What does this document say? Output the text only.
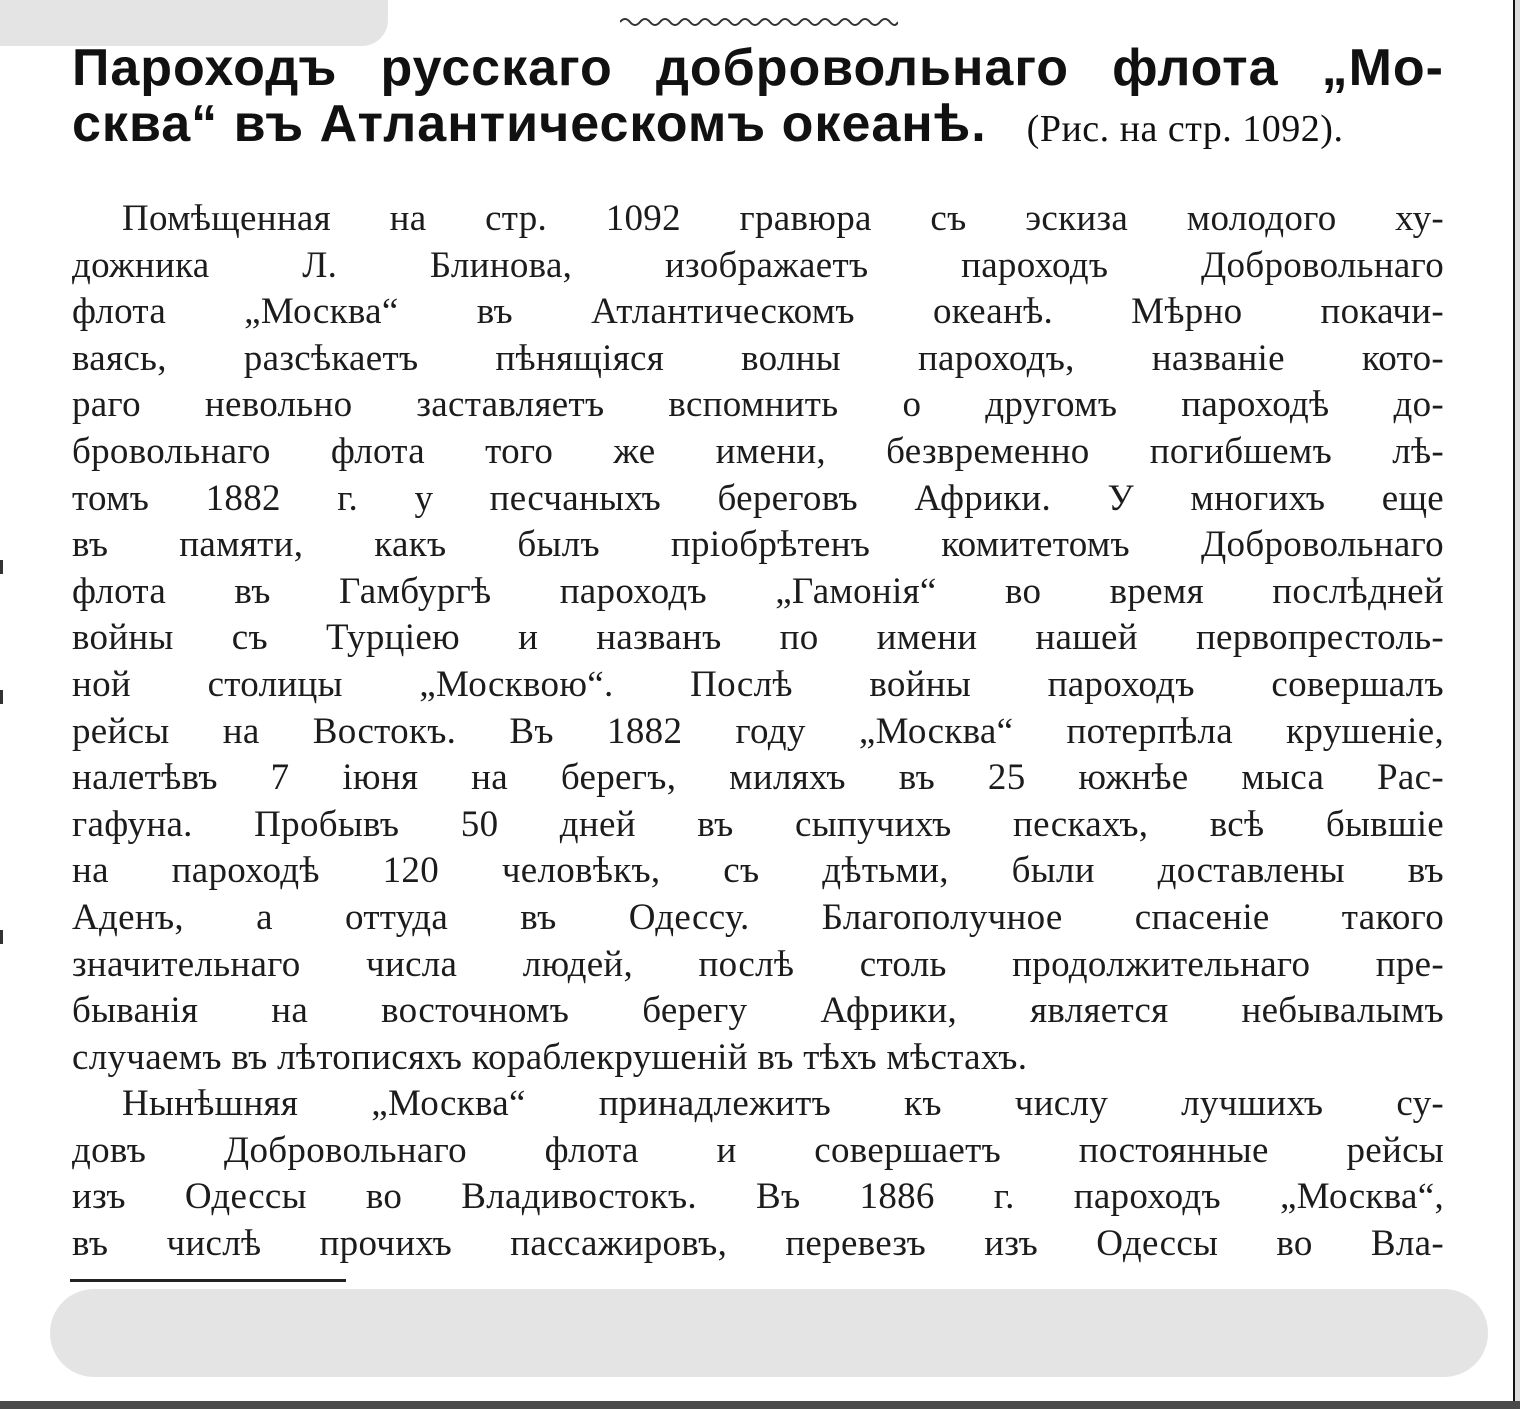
Пароходъ русскаго добровольнаго флота „Мо-
сква“ въ Атлантическомъ океанѣ. (Рис. на стр. 1092).
Помѣщенная на стр. 1092 гравюра съ эскиза молодого ху-
дожника Л. Блинова, изображаетъ пароходъ Добровольнаго
флота „Москва“ въ Атлантическомъ океанѣ. Мѣрно покачи-
ваясь, разсѣкаетъ пѣнящіяся волны пароходъ, названіе кото-
раго невольно заставляетъ вспомнить о другомъ пароходѣ до-
бровольнаго флота того же имени, безвременно погибшемъ лѣ-
томъ 1882 г. у песчаныхъ береговъ Африки. У многихъ еще
въ памяти, какъ былъ пріобрѣтенъ комитетомъ Добровольнаго
флота въ Гамбургѣ пароходъ „Гамонія“ во время послѣдней
войны съ Турціею и названъ по имени нашей первопрестоль-
ной столицы „Москвою“. Послѣ войны пароходъ совершалъ
рейсы на Востокъ. Въ 1882 году „Москва“ потерпѣла крушеніе,
налетѣвъ 7 іюня на берегъ, миляхъ въ 25 южнѣе мыса Рас-
гафуна. Пробывъ 50 дней въ сыпучихъ пескахъ, всѣ бывшіе
на пароходѣ 120 человѣкъ, съ дѣтьми, были доставлены въ
Аденъ, а оттуда въ Одессу. Благополучное спасеніе такого
значительнаго числа людей, послѣ столь продолжительнаго пре-
быванія на восточномъ берегу Африки, является небывалымъ
случаемъ въ лѣтописяхъ кораблекрушеній въ тѣхъ мѣстахъ.
Нынѣшняя „Москва“ принадлежитъ къ числу лучшихъ су-
довъ Добровольнаго флота и совершаетъ постоянные рейсы
изъ Одессы во Владивостокъ. Въ 1886 г. пароходъ „Москва“,
въ числѣ прочихъ пассажировъ, перевезъ изъ Одессы во Вла-
